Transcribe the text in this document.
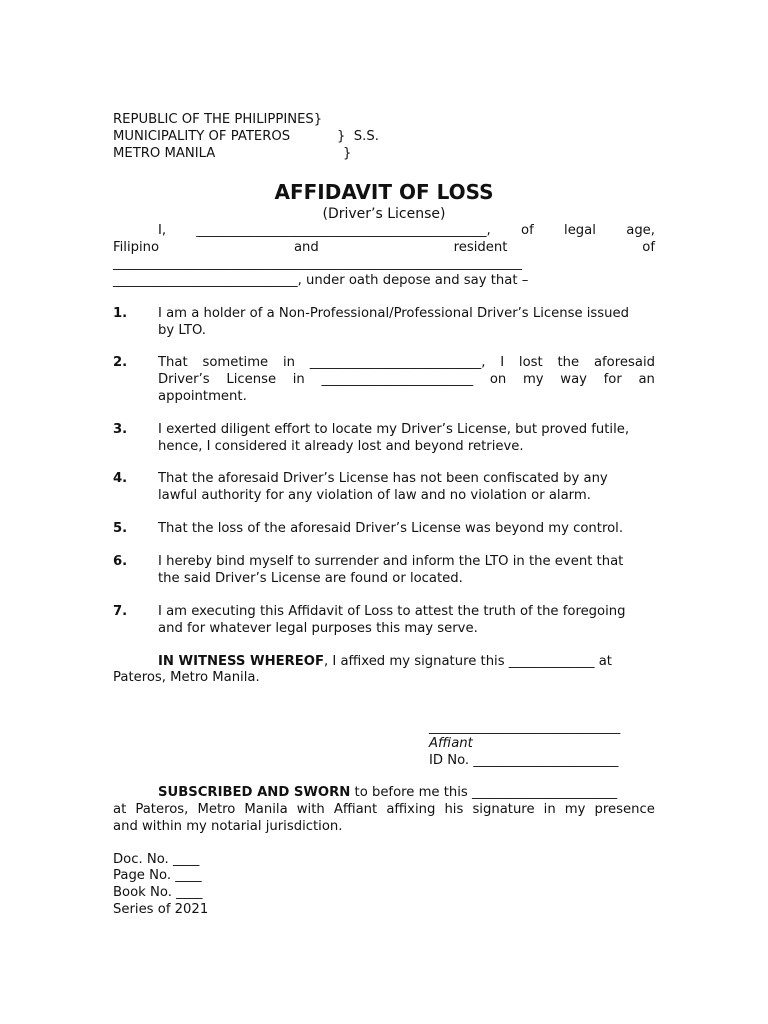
REPUBLIC OF THE PHILIPPINES}
MUNICIPALITY OF PATEROS	}  S.S.
METRO MANILA	}
AFFIDAVIT OF LOSS
(Driver’s License)
I, ____________________________________________, of legal age,
Filipino	and	resident	of
______________________________________________________________
____________________________, under oath depose and say that –
1. I am a holder of a Non-Professional/Professional Driver’s License issued
by LTO.
2. That sometime in __________________________, I lost the aforesaid
Driver’s License in _______________________ on my way for an
appointment.
3. I exerted diligent effort to locate my Driver’s License, but proved futile,
hence, I considered it already lost and beyond retrieve.
4. That the aforesaid Driver’s License has not been confiscated by any
lawful authority for any violation of law and no violation or alarm.
5. That the loss of the aforesaid Driver’s License was beyond my control.
6. I hereby bind myself to surrender and inform the LTO in the event that
the said Driver’s License are found or located.
7. I am executing this Affidavit of Loss to attest the truth of the foregoing
and for whatever legal purposes this may serve.
IN WITNESS WHEREOF, I affixed my signature this _____________ at
Pateros, Metro Manila.
_____________________________
Affiant
ID No. ______________________
SUBSCRIBED AND SWORN to before me this ______________________
at Pateros, Metro Manila with Affiant affixing his signature in my presence
and within my notarial jurisdiction.
Doc. No. ____
Page No. ____
Book No. ____
Series of 2021
